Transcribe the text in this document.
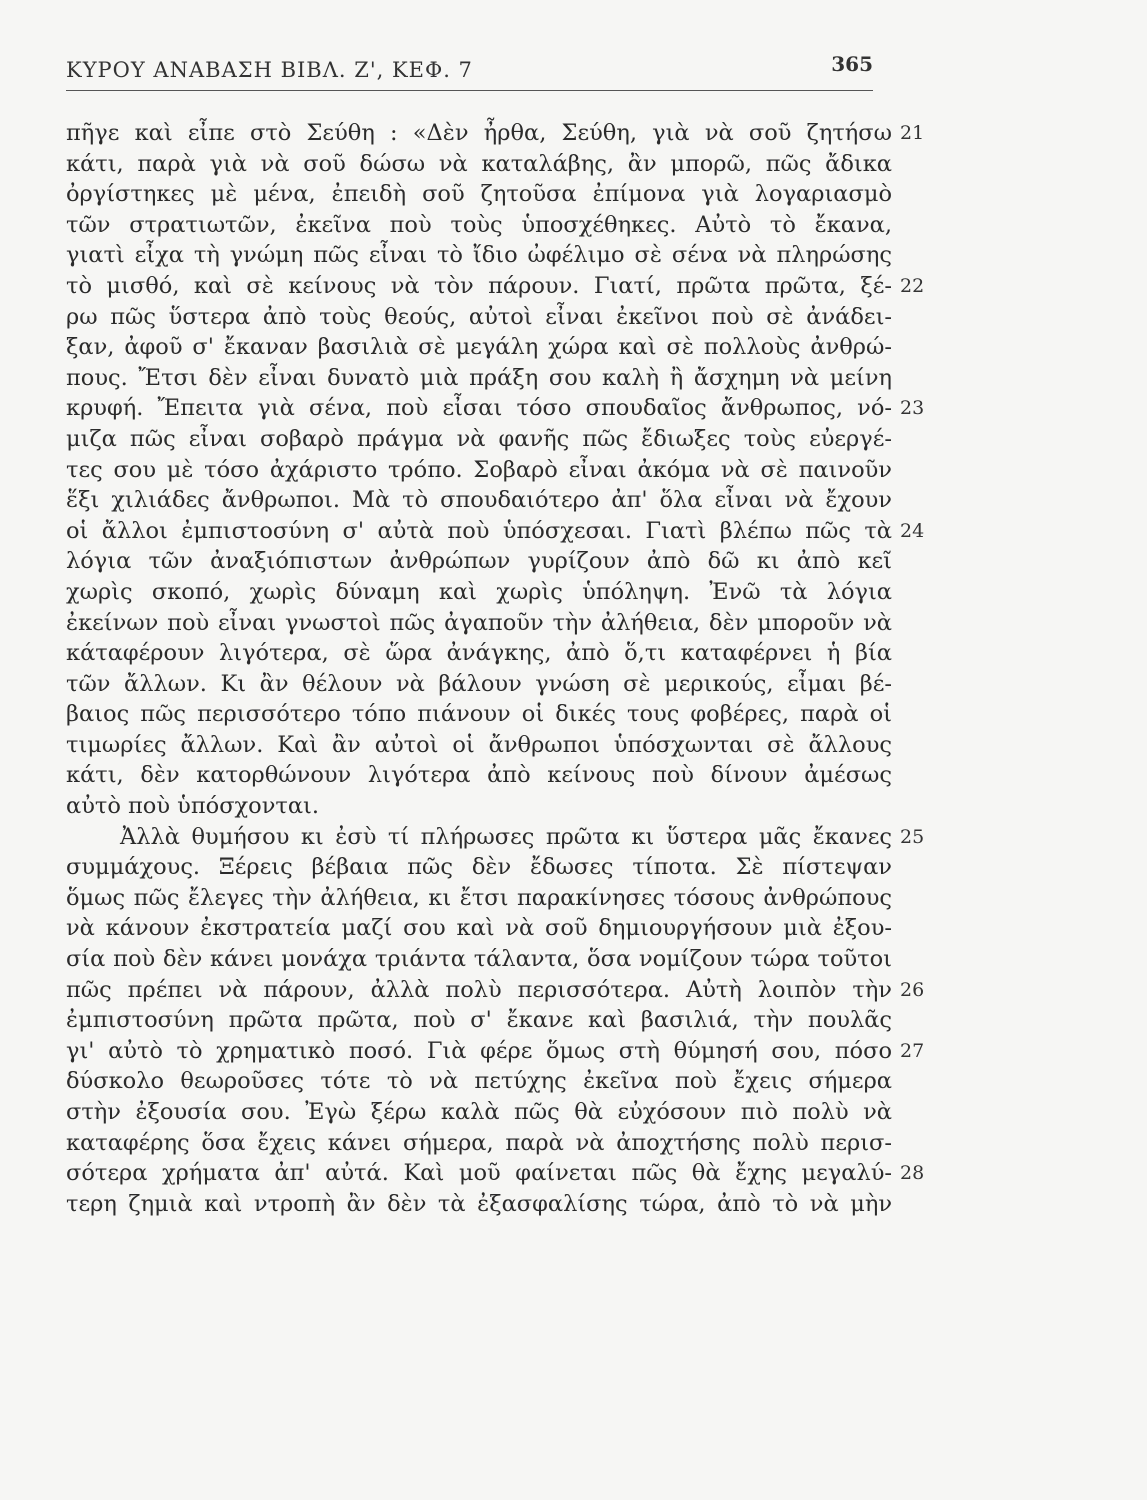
ΚΥΡΟΥ ΑΝΑΒΑΣΗ ΒΙΒΛ. Ζ', ΚΕΦ. 7	365
πῆγε καὶ εἶπε στὸ Σεύθη : «Δὲν ἦρθα, Σεύθη, γιὰ νὰ σοῦ ζητήσω 21
κάτι, παρὰ γιὰ νὰ σοῦ δώσω νὰ καταλάβης, ἂν μπορῶ, πῶς ἄδικα
ὀργίστηκες μὲ μένα, ἐπειδὴ σοῦ ζητοῦσα ἐπίμονα γιὰ λογαριασμὸ
τῶν στρατιωτῶν, ἐκεῖνα ποὺ τοὺς ὑποσχέθηκες. Αὐτὸ τὸ ἔκανα,
γιατὶ εἶχα τὴ γνώμη πῶς εἶναι τὸ ἴδιο ὠφέλιμο σὲ σένα νὰ πληρώσης
τὸ μισθό, καὶ σὲ κείνους νὰ τὸν πάρουν. Γιατί, πρῶτα πρῶτα, ξέ- 22
ρω πῶς ὕστερα ἀπὸ τοὺς θεούς, αὐτοὶ εἶναι ἐκεῖνοι ποὺ σὲ ἀνάδει-
ξαν, ἀφοῦ σ' ἔκαναν βασιλιὰ σὲ μεγάλη χώρα καὶ σὲ πολλοὺς ἀνθρώ-
πους. Ἔτσι δὲν εἶναι δυνατὸ μιὰ πράξη σου καλὴ ἢ ἄσχημη νὰ μείνη
κρυφή. Ἔπειτα γιὰ σένα, ποὺ εἶσαι τόσο σπουδαῖος ἄνθρωπος, νό- 23
μιζα πῶς εἶναι σοβαρὸ πράγμα νὰ φανῆς πῶς ἔδιωξες τοὺς εὐεργέ-
τες σου μὲ τόσο ἀχάριστο τρόπο. Σοβαρὸ εἶναι ἀκόμα νὰ σὲ παινοῦν
ἕξι χιλιάδες ἄνθρωποι. Μὰ τὸ σπουδαιότερο ἀπ' ὅλα εἶναι νὰ ἔχουν
οἱ ἄλλοι ἐμπιστοσύνη σ' αὐτὰ ποὺ ὑπόσχεσαι. Γιατὶ βλέπω πῶς τὰ 24
λόγια τῶν ἀναξιόπιστων ἀνθρώπων γυρίζουν ἀπὸ δῶ κι ἀπὸ κεῖ
χωρὶς σκοπό, χωρὶς δύναμη καὶ χωρὶς ὑπόληψη. Ἐνῶ τὰ λόγια
ἐκείνων ποὺ εἶναι γνωστοὶ πῶς ἀγαποῦν τὴν ἀλήθεια, δὲν μποροῦν νὰ
κάταφέρουν λιγότερα, σὲ ὥρα ἀνάγκης, ἀπὸ ὅ,τι καταφέρνει ἡ βία
τῶν ἄλλων. Κι ἂν θέλουν νὰ βάλουν γνώση σὲ μερικούς, εἶμαι βέ-
βαιος πῶς περισσότερο τόπο πιάνουν οἱ δικές τους φοβέρες, παρὰ οἱ
τιμωρίες ἄλλων. Καὶ ἂν αὐτοὶ οἱ ἄνθρωποι ὑπόσχωνται σὲ ἄλλους
κάτι, δὲν κατορθώνουν λιγότερα ἀπὸ κείνους ποὺ δίνουν ἀμέσως
αὐτὸ ποὺ ὑπόσχονται.
Ἀλλὰ θυμήσου κι ἐσὺ τί πλήρωσες πρῶτα κι ὕστερα μᾶς ἔκανες 25
συμμάχους. Ξέρεις βέβαια πῶς δὲν ἔδωσες τίποτα. Σὲ πίστεψαν
ὅμως πῶς ἔλεγες τὴν ἀλήθεια, κι ἔτσι παρακίνησες τόσους ἀνθρώπους
νὰ κάνουν ἐκστρατεία μαζί σου καὶ νὰ σοῦ δημιουργήσουν μιὰ ἐξου-
σία ποὺ δὲν κάνει μονάχα τριάντα τάλαντα, ὅσα νομίζουν τώρα τοῦτοι
πῶς πρέπει νὰ πάρουν, ἀλλὰ πολὺ περισσότερα. Αὐτὴ λοιπὸν τὴν 26
ἐμπιστοσύνη πρῶτα πρῶτα, ποὺ σ' ἔκανε καὶ βασιλιά, τὴν πουλᾶς
γι' αὐτὸ τὸ χρηματικὸ ποσό. Γιὰ φέρε ὅμως στὴ θύμησή σου, πόσο 27
δύσκολο θεωροῦσες τότε τὸ νὰ πετύχης ἐκεῖνα ποὺ ἔχεις σήμερα
στὴν ἐξουσία σου. Ἐγὼ ξέρω καλὰ πῶς θὰ εὐχόσουν πιὸ πολὺ νὰ
καταφέρης ὅσα ἔχεις κάνει σήμερα, παρὰ νὰ ἀποχτήσης πολὺ περισ-
σότερα χρήματα ἀπ' αὐτά. Καὶ μοῦ φαίνεται πῶς θὰ ἔχης μεγαλύ- 28
τερη ζημιὰ καὶ ντροπὴ ἂν δὲν τὰ ἐξασφαλίσης τώρα, ἀπὸ τὸ νὰ μὴν
